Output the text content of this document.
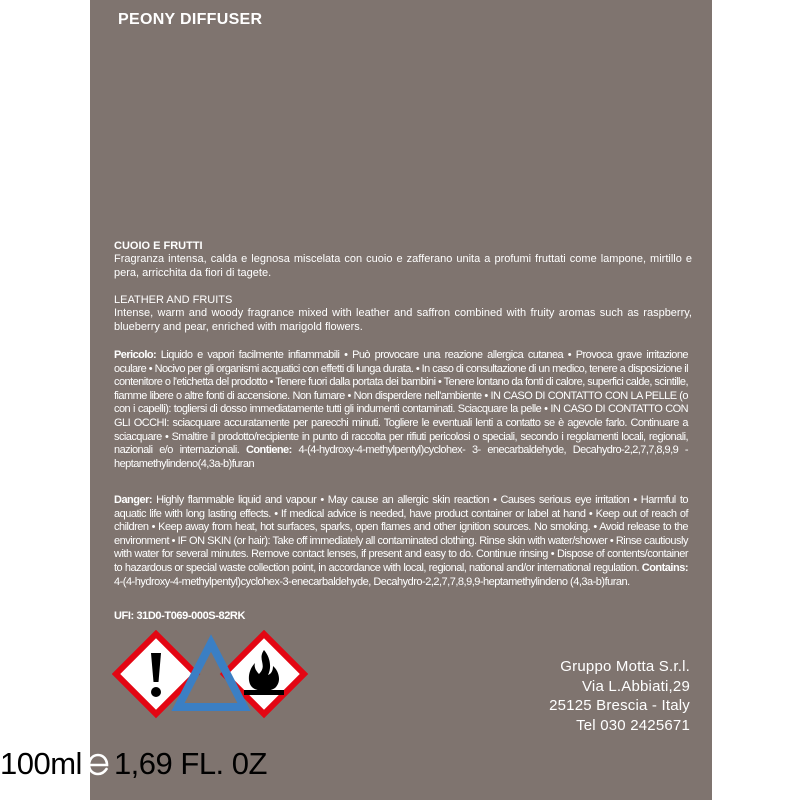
PEONY DIFFUSER
CUOIO E FRUTTI
Fragranza intensa, calda e legnosa miscelata con cuoio e zafferano unita a profumi fruttati come lampone, mirtillo e pera, arricchita da fiori di tagete.
LEATHER AND FRUITS
Intense, warm and woody fragrance mixed with leather and saffron combined with fruity aromas such as raspberry, blueberry and pear, enriched with marigold flowers.
Pericolo: Liquido e vapori facilmente infiammabili • Può provocare una reazione allergica cutanea • Provoca grave irritazione oculare • Nocivo per gli organismi acquatici con effetti di lunga durata. • In caso di consultazione di un medico, tenere a disposizione il contenitore o l'etichetta del prodotto • Tenere fuori dalla portata dei bambini • Tenere lontano da fonti di calore, superfici calde, scintille, fiamme libere o altre fonti di accensione. Non fumare • Non disperdere nell'ambiente • IN CASO DI CONTATTO CON LA PELLE (o con i capelli): togliersi di dosso immediatamente tutti gli indumenti contaminati. Sciacquare la pelle • IN CASO DI CONTATTO CON GLI OCCHI: sciacquare accuratamente per parecchi minuti. Togliere le eventuali lenti a contatto se è agevole farlo. Continuare a sciacquare • Smaltire il prodotto/recipiente in punto di raccolta per rifiuti pericolosi o speciali, secondo i regolamenti locali, regionali, nazionali e/o internazionali. Contiene: 4-(4-hydroxy-4-methylpentyl)cyclohex- 3- enecarbaldehyde, Decahydro-2,2,7,7,8,9,9 - heptamethylindeno(4,3a-b)furan
Danger: Highly flammable liquid and vapour • May cause an allergic skin reaction • Causes serious eye irritation • Harmful to aquatic life with long lasting effects. • If medical advice is needed, have product container or label at hand • Keep out of reach of children • Keep away from heat, hot surfaces, sparks, open flames and other ignition sources. No smoking. • Avoid release to the environment • IF ON SKIN (or hair): Take off immediately all contaminated clothing. Rinse skin with water/shower • Rinse cautiously with water for several minutes. Remove contact lenses, if present and easy to do. Continue rinsing • Dispose of contents/container to hazardous or special waste collection point, in accordance with local, regional, national and/or international regulation. Contains: 4-(4-hydroxy-4-methylpentyl)cyclohex-3-enecarbaldehyde, Decahydro-2,2,7,7,8,9,9-heptamethylindeno (4,3a-b)furan.
UFI: 31D0-T069-000S-82RK
Gruppo Motta S.r.l.
Via L.Abbiati,29
25125 Brescia - Italy
Tel 030 2425671
100ml 1,69 FL. 0Z
